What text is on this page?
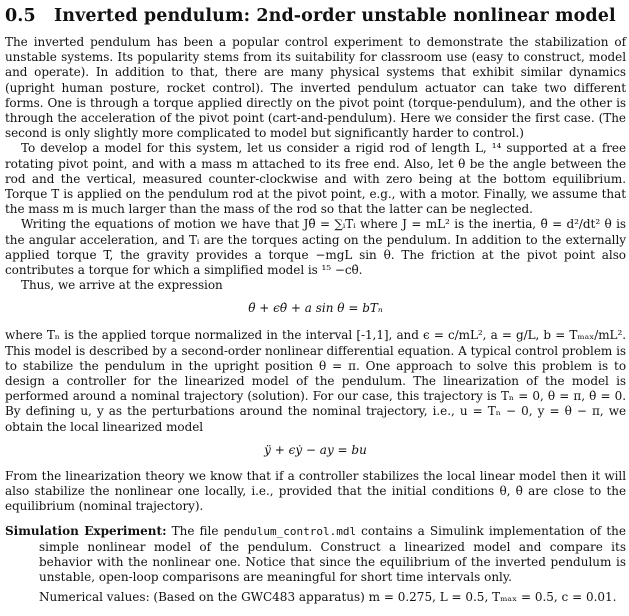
0.5 Inverted pendulum: 2nd-order unstable nonlinear model

The inverted pendulum has been a popular control experiment to demonstrate the stabilization of unstable systems. Its popularity stems from its suitability for classroom use (easy to construct, model and operate). In addition to that, there are many physical systems that exhibit similar dynamics (upright human posture, rocket control). The inverted pendulum actuator can take two different forms. One is through a torque applied directly on the pivot point (torque-pendulum), and the other is through the acceleration of the pivot point (cart-and-pendulum). Here we consider the first case. (The second is only slightly more complicated to model but significantly harder to control.)

To develop a model for this system, let us consider a rigid rod of length L, ¹⁴ supported at a free rotating pivot point, and with a mass m attached to its free end. Also, let θ be the angle between the rod and the vertical, measured counter-clockwise and with zero being at the bottom equilibrium. Torque T is applied on the pendulum rod at the pivot point, e.g., with a motor. Finally, we assume that the mass m is much larger than the mass of the rod so that the latter can be neglected.

Writing the equations of motion we have that Jθ̈ = ∑ᵢTᵢ where J = mL² is the inertia, θ̈ = d²/dt² θ is the angular acceleration, and Tᵢ are the torques acting on the pendulum. In addition to the externally applied torque T, the gravity provides a torque −mgL sin θ. The friction at the pivot point also contributes a torque for which a simplified model is ¹⁵ −cθ̇.

Thus, we arrive at the expression

θ̈ + ϵθ̇ + a sin θ = bTₙ

where Tₙ is the applied torque normalized in the interval [-1,1], and ϵ = c/mL², a = g/L, b = Tₘₐₓ/mL². This model is described by a second-order nonlinear differential equation. A typical control problem is to stabilize the pendulum in the upright position θ = π. One approach to solve this problem is to design a controller for the linearized model of the pendulum. The linearization of the model is performed around a nominal trajectory (solution). For our case, this trajectory is Tₙ = 0, θ = π, θ̇ = 0. By defining u, y as the perturbations around the nominal trajectory, i.e., u = Tₙ − 0, y = θ − π, we obtain the local linearized model

ÿ + ϵẏ − ay = bu

From the linearization theory we know that if a controller stabilizes the local linear model then it will also stabilize the nonlinear one locally, i.e., provided that the initial conditions θ, θ̇ are close to the equilibrium (nominal trajectory).

Simulation Experiment: The file pendulum_control.mdl contains a Simulink implementation of the simple nonlinear model of the pendulum. Construct a linearized model and compare its behavior with the nonlinear one. Notice that since the equilibrium of the inverted pendulum is unstable, open-loop comparisons are meaningful for short time intervals only.
Numerical values: (Based on the GWC483 apparatus) m = 0.275, L = 0.5, Tₘₐₓ = 0.5, c = 0.01.
